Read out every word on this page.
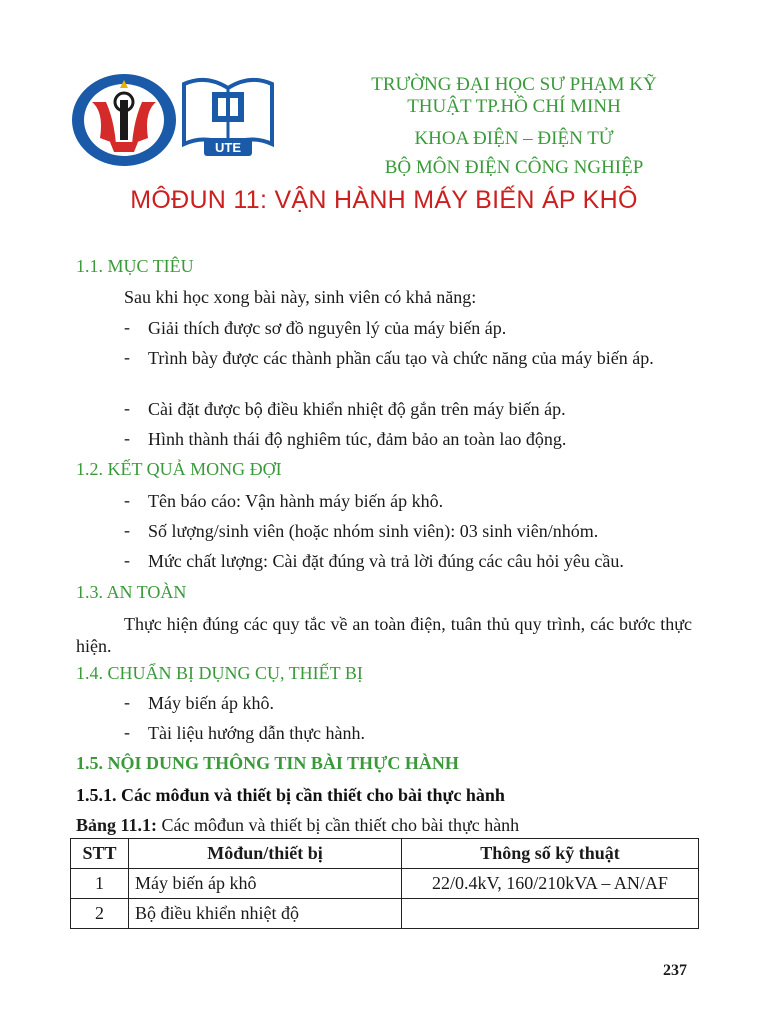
UTE
TRƯỜNG ĐẠI HỌC SƯ PHẠM KỸ
THUẬT TP.HỒ CHÍ MINH
KHOA ĐIỆN – ĐIỆN TỬ
BỘ MÔN ĐIỆN CÔNG NGHIỆP
MÔĐUN 11: VẬN HÀNH MÁY BIẾN ÁP KHÔ
1.1. MỤC TIÊU
Sau khi học xong bài này, sinh viên có khả năng:
- Giải thích được sơ đồ nguyên lý của máy biến áp.
- Trình bày được các thành phần cấu tạo và chức năng của máy biến áp.
- Cài đặt được bộ điều khiển nhiệt độ gắn trên máy biến áp.
- Hình thành thái độ nghiêm túc, đảm bảo an toàn lao động.
1.2. KẾT QUẢ MONG ĐỢI
- Tên báo cáo: Vận hành máy biến áp khô.
- Số lượng/sinh viên (hoặc nhóm sinh viên): 03 sinh viên/nhóm.
- Mức chất lượng: Cài đặt đúng và trả lời đúng các câu hỏi yêu cầu.
1.3. AN TOÀN
Thực hiện đúng các quy tắc về an toàn điện, tuân thủ quy trình, các bước thực hiện.
1.4. CHUẨN BỊ DỤNG CỤ, THIẾT BỊ
- Máy biến áp khô.
- Tài liệu hướng dẫn thực hành.
1.5. NỘI DUNG THÔNG TIN BÀI THỰC HÀNH
1.5.1. Các môđun và thiết bị cần thiết cho bài thực hành
Bảng 11.1: Các môđun và thiết bị cần thiết cho bài thực hành
STT	Môđun/thiết bị	Thông số kỹ thuật
1	Máy biến áp khô	22/0.4kV, 160/210kVA – AN/AF
2	Bộ điều khiển nhiệt độ	
237
